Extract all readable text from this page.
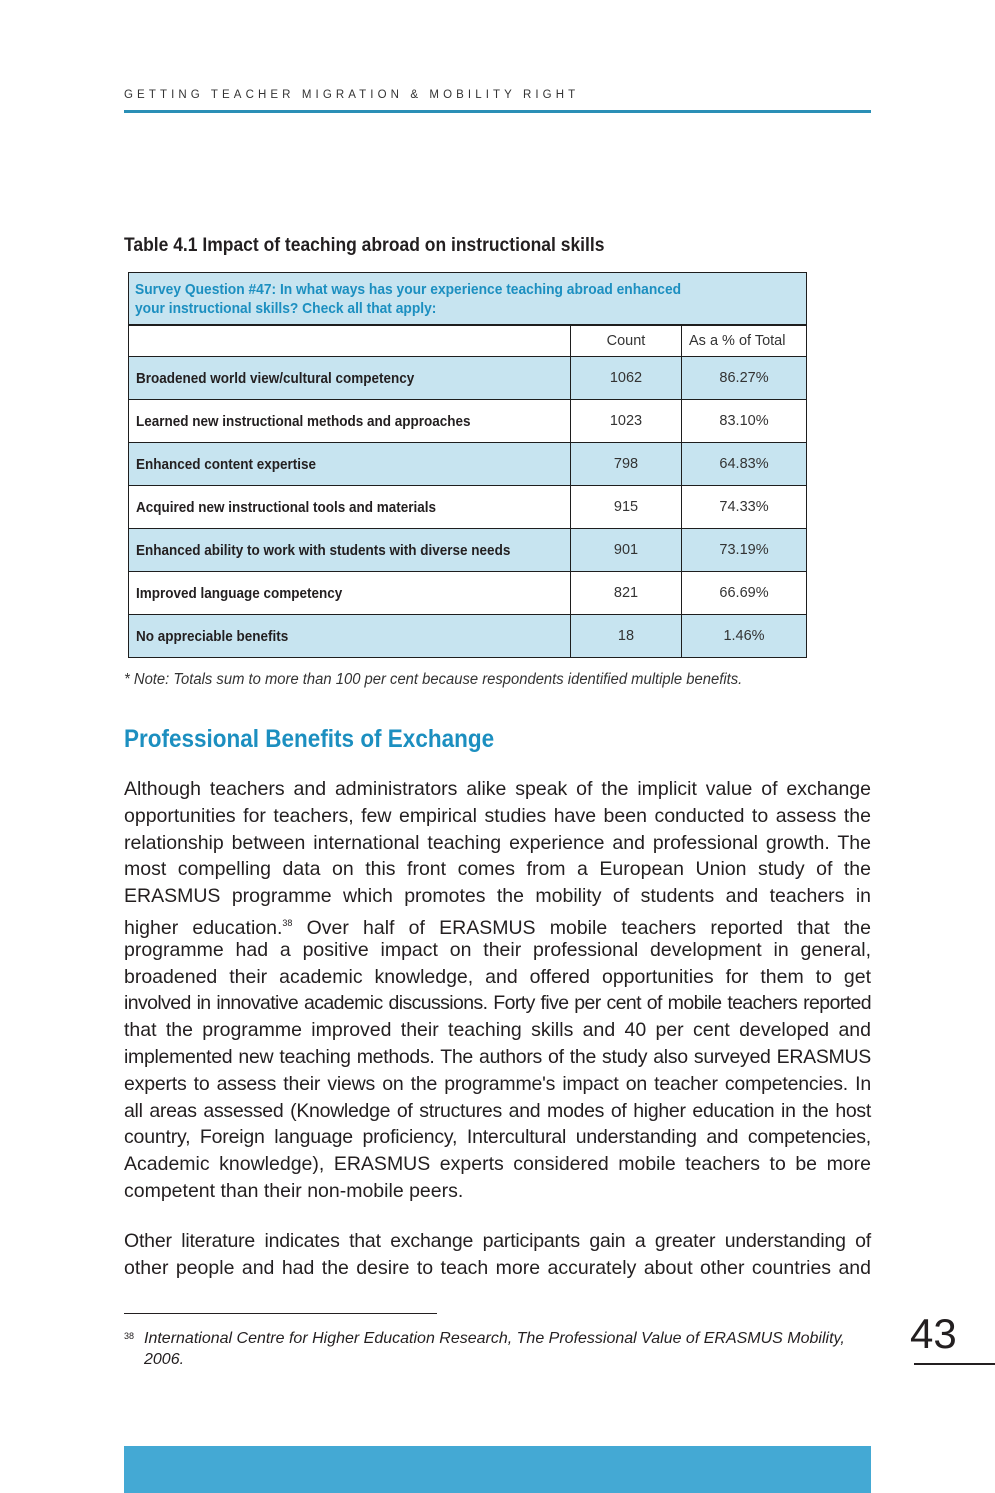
GETTING TEACHER MIGRATION & MOBILITY RIGHT
Table 4.1 Impact of teaching abroad on instructional skills
Survey Question #47: In what ways has your experience teaching abroad enhanced
your instructional skills? Check all that apply:		
	Count	As a % of Total
Broadened world view/cultural competency	1062	86.27%
Learned new instructional methods and approaches	1023	83.10%
Enhanced content expertise	798	64.83%
Acquired new instructional tools and materials	915	74.33%
Enhanced ability to work with students with diverse needs	901	73.19%
Improved language competency	821	66.69%
No appreciable benefits	18	1.46%
* Note: Totals sum to more than 100 per cent because respondents identified multiple benefits.
Professional Benefits of Exchange
Although teachers and administrators alike speak of the implicit value of exchange
opportunities for teachers, few empirical studies have been conducted to assess the
relationship between international teaching experience and professional growth. The
most compelling data on this front comes from a European Union study of the
ERASMUS programme which promotes the mobility of students and teachers in
higher education.$^{38}$ Over half of ERASMUS mobile teachers reported that the
programme had a positive impact on their professional development in general,
broadened their academic knowledge, and offered opportunities for them to get
involved in innovative academic discussions. Forty five per cent of mobile teachers reported
that the programme improved their teaching skills and 40 per cent developed and
implemented new teaching methods. The authors of the study also surveyed ERASMUS
experts to assess their views on the programme's impact on teacher competencies. In
all areas assessed (Knowledge of structures and modes of higher education in the host
country, Foreign language proficiency, Intercultural understanding and competencies,
Academic knowledge), ERASMUS experts considered mobile teachers to be more
competent than their non-mobile peers.
Other literature indicates that exchange participants gain a greater understanding of
other people and had the desire to teach more accurately about other countries and
38 International Centre for Higher Education Research, The Professional Value of ERASMUS Mobility, 2006.
43
